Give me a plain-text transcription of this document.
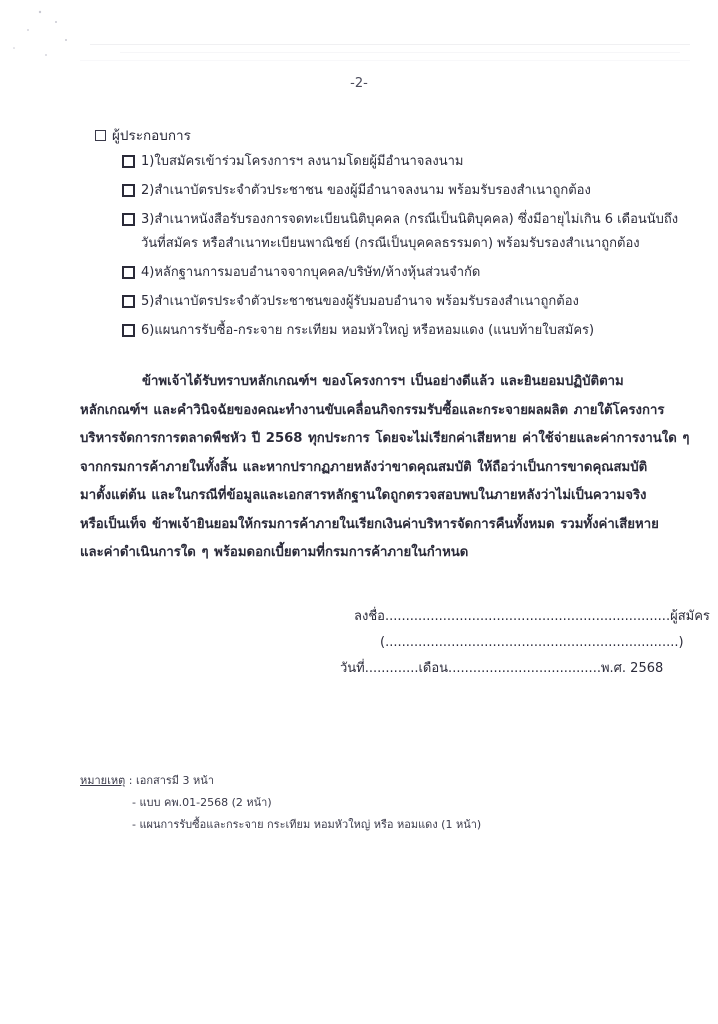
-2-
ผู้ประกอบการ
1)ใบสมัครเข้าร่วมโครงการฯ ลงนามโดยผู้มีอำนาจลงนาม
2)สำเนาบัตรประจำตัวประชาชน ของผู้มีอำนาจลงนาม พร้อมรับรองสำเนาถูกต้อง
3)สำเนาหนังสือรับรองการจดทะเบียนนิติบุคคล (กรณีเป็นนิติบุคคล) ซึ่งมีอายุไม่เกิน 6 เดือนนับถึง
วันที่สมัคร หรือสำเนาทะเบียนพาณิชย์ (กรณีเป็นบุคคลธรรมดา) พร้อมรับรองสำเนาถูกต้อง
4)หลักฐานการมอบอำนาจจากบุคคล/บริษัท/ห้างหุ้นส่วนจำกัด
5)สำเนาบัตรประจำตัวประชาชนของผู้รับมอบอำนาจ พร้อมรับรองสำเนาถูกต้อง
6)แผนการรับซื้อ-กระจาย กระเทียม หอมหัวใหญ่ หรือหอมแดง (แนบท้ายใบสมัคร)
ข้าพเจ้าได้รับทราบหลักเกณฑ์ฯ ของโครงการฯ เป็นอย่างดีแล้ว และยินยอมปฏิบัติตาม
หลักเกณฑ์ฯ และคำวินิจฉัยของคณะทำงานขับเคลื่อนกิจกรรมรับซื้อและกระจายผลผลิต ภายใต้โครงการ
บริหารจัดการการตลาดพืชหัว ปี 2568 ทุกประการ โดยจะไม่เรียกค่าเสียหาย ค่าใช้จ่ายและค่าการงานใด ๆ
จากกรมการค้าภายในทั้งสิ้น และหากปรากฏภายหลังว่าขาดคุณสมบัติ ให้ถือว่าเป็นการขาดคุณสมบัติ
มาตั้งแต่ต้น และในกรณีที่ข้อมูลและเอกสารหลักฐานใดถูกตรวจสอบพบในภายหลังว่าไม่เป็นความจริง
หรือเป็นเท็จ ข้าพเจ้ายินยอมให้กรมการค้าภายในเรียกเงินค่าบริหารจัดการคืนทั้งหมด รวมทั้งค่าเสียหาย
และค่าดำเนินการใด ๆ พร้อมดอกเบี้ยตามที่กรมการค้าภายในกำหนด
ลงชื่อ.....................................................................ผู้สมัคร
(.......................................................................)
วันที่.............เดือน.....................................พ.ศ. 2568
หมายเหตุ : เอกสารมี 3 หน้า
- แบบ คพ.01-2568 (2 หน้า)
- แผนการรับซื้อและกระจาย กระเทียม หอมหัวใหญ่ หรือ หอมแดง (1 หน้า)
